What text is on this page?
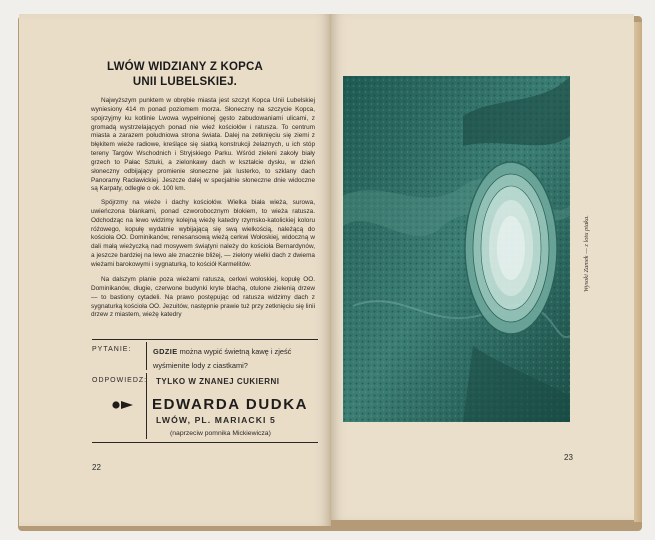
LWÓW WIDZIANY Z KOPCA UNII LUBELSKIEJ.

Najwyższym punktem w obrębie miasta jest szczyt Kopca Unii Lubelskiej wyniesiony 414 m ponad poziomem morza. Słoneczny na szczycie Kopca, spojrzyjmy ku kotlinie Lwowa wypełnionej gęsto zabudowaniami ulicami, z gromadą wystrzelających ponad nie wież kościołów i ratusza. To centrum miasta a zarazem południowa strona świata. Dalej na zetknięciu się ziemi z błękitem wieże radiowe, kreślące się siatką konstrukcji żelaznych, u ich stóp tereny Targów Wschodnich i Stryjskiego Parku. Wśród zieleni zakoły biały grzech to Pałac Sztuki, a zielonkawy dach w kształcie dysku, w dzień słoneczny odbijający promienie słoneczne jak lusterko, to szklany dach Panoramy Racławickiej. Jeszcze dalej w specjalnie słoneczne dnie widoczne są Karpaty, odległe o ok. 100 km.

Spójrzmy na wieże i dachy kościołów. Wielka biała wieża, surowa, uwieńczona blankami, ponad czworobocznym blokiem, to wieża ratusza. Odchodząc na lewo widzimy kolejną wieżę katedry rzymsko-katolickiej koloru różowego, kopułę wydatnie wybijającą się swą wielkością, należącą do kościoła OO. Dominikanów, renesansową wieżą cerkwi Wołoskiej, widoczną w dali małą wieżyczką nad mosywem świątyni należy do kościoła Bernardynów, a jeszcze bardziej na lewo ale znacznie bliżej, — zielony wielki dach z dwiema wieżami barokowymi i sygnaturką, to kościół Karmelitów.

Na dalszym planie poza wieżami ratusza, cerkwi wołoskiej, kopułę OO. Dominikanów, długie, czerwone budynki kryte blachą, otulone zielenią drzew — to bastiony cytadeli. Na prawo postępując od ratusza widzimy dach z sygnaturką kościoła OO. Jezuitów, następnie prawie tuż przy zetknięciu się linii drzew z miastem, wieżę katedry

PYTANIE:	GDZIE można wypić świetną kawę i zjeść wyśmienite lody z ciastkami?
ODPOWIEDZ: TYLKO W ZNANEJ CUKIERNI
EDWARDA DUDKA
LWÓW, PL. MARIACKI 5
(naprzeciw pomnika Mickiewicza)
22
Wysoki Zamek — z lotu ptaka.
23
